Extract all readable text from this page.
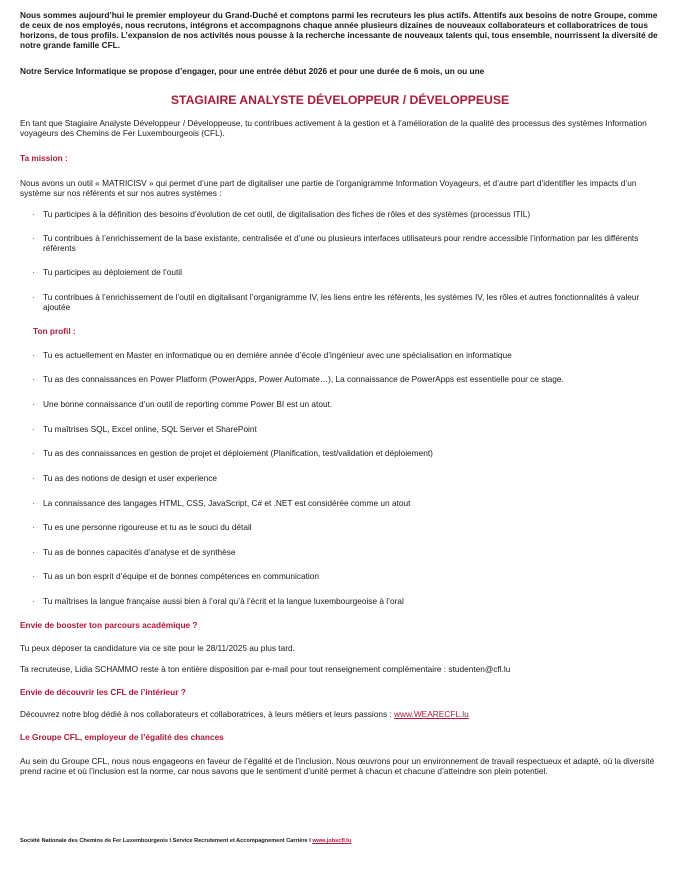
Nous sommes aujourd’hui le premier employeur du Grand-Duché et comptons parmi les recruteurs les plus actifs. Attentifs aux besoins de notre Groupe, comme de ceux de nos employés, nous recrutons, intégrons et accompagnons chaque année plusieurs dizaines de nouveaux collaborateurs et collaboratrices de tous horizons, de tous profils. L’expansion de nos activités nous pousse à la recherche incessante de nouveaux talents qui, tous ensemble, nourrissent la diversité de notre grande famille CFL.

Notre Service Informatique se propose d’engager, pour une entrée début 2026 et pour une durée de 6 mois, un ou une

STAGIAIRE ANALYSTE DÉVELOPPEUR / DÉVELOPPEUSE

En tant que Stagiaire Analyste Développeur / Développeuse, tu contribues activement à la gestion et à l’amélioration de la qualité des processus des systèmes Information voyageurs des Chemins de Fer Luxembourgeois (CFL).

Ta mission :

Nous avons un outil « MATRICISV » qui permet d’une part de digitaliser une partie de l’organigramme Information Voyageurs, et d’autre part d’identifier les impacts d’un système sur nos référents et sur nos autres systèmes :

· Tu participes à la définition des besoins d’évolution de cet outil, de digitalisation des fiches de rôles et des systèmes (processus ITIL)
· Tu contribues à l’enrichissement de la base existante, centralisée et d’une ou plusieurs interfaces utilisateurs pour rendre accessible l’information par les différents référents
· Tu participes au déploiement de l’outil
· Tu contribues à l’enrichissement de l’outil en digitalisant l’organigramme IV, les liens entre les référents, les systèmes IV, les rôles et autres fonctionnalités à valeur ajoutée
Ton profil :
· Tu es actuellement en Master en informatique ou en dernière année d’école d’ingénieur avec une spécialisation en informatique
· Tu as des connaissances en Power Platform (PowerApps, Power Automate…), La connaissance de PowerApps est essentielle pour ce stage.
· Une bonne connaissance d’un outil de reporting comme Power BI est un atout.
· Tu maîtrises SQL, Excel online, SQL Server et SharePoint
· Tu as des connaissances en gestion de projet et déploiement (Planification, test/validation et déploiement)
· Tu as des notions de design et user experience
· La connaissance des langages HTML, CSS, JavaScript, C# et .NET est considérée comme un atout
· Tu es une personne rigoureuse et tu as le souci du détail
· Tu as de bonnes capacités d’analyse et de synthèse
· Tu as un bon esprit d’équipe et de bonnes compétences en communication
· Tu maîtrises la langue française aussi bien à l’oral qu’à l’écrit et la langue luxembourgeoise à l’oral
Envie de booster ton parcours académique ?

Tu peux déposer ta candidature via ce site pour le 28/11/2025 au plus tard.

Ta recruteuse, Lidia SCHAMMO reste à ton entière disposition par e-mail pour tout renseignement complémentaire : studenten@cfl.lu

Envie de découvrir les CFL de l’intérieur ?

Découvrez notre blog dédié à nos collaborateurs et collaboratrices, à leurs métiers et leurs passions : www.WEARECFL.lu

Le Groupe CFL, employeur de l’égalité des chances

Au sein du Groupe CFL, nous nous engageons en faveur de l’égalité et de l’inclusion. Nous œuvrons pour un environnement de travail respectueux et adapté, où la diversité prend racine et où l’inclusion est la norme, car nous savons que le sentiment d’unité permet à chacun et chacune d’atteindre son plein potentiel.

Société Nationale des Chemins de Fer Luxembourgeois I Service Recrutement et Accompagnement Carrière I www.jobscfl.lu
